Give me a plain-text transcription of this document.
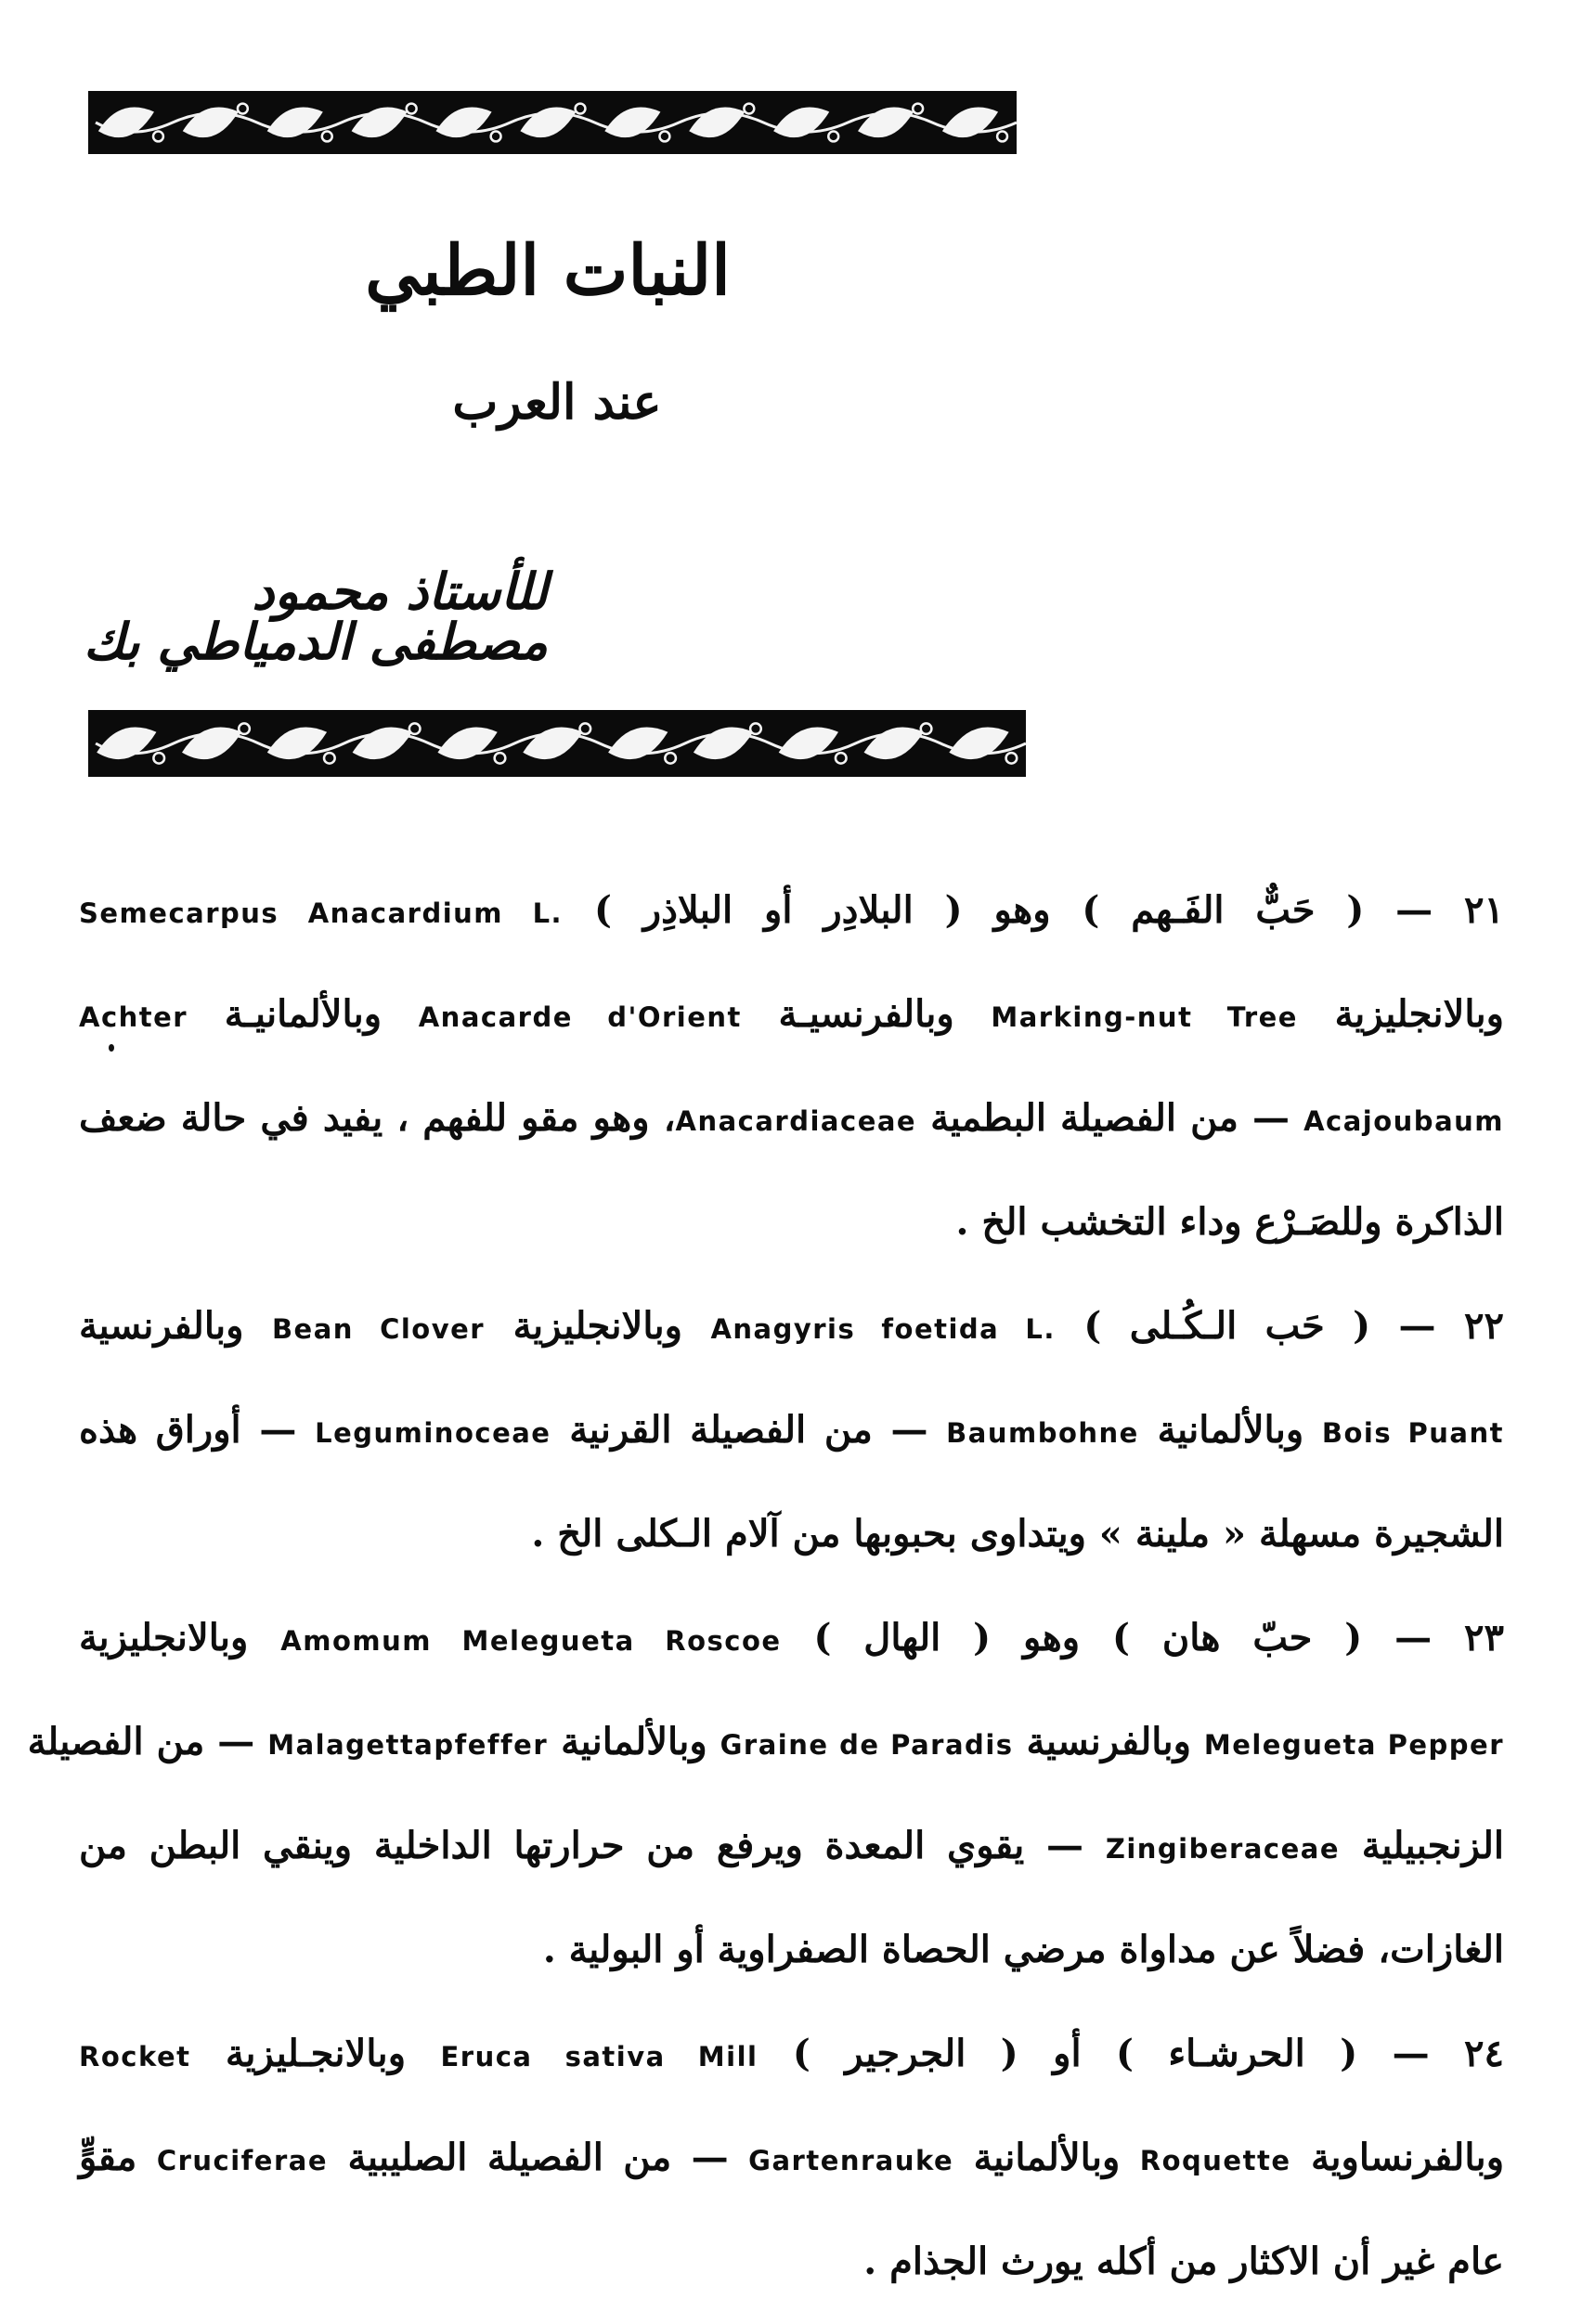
النبات الطبي
عند العرب
للأستاذ محمود مصطفى الدمياطي بك
٢١ — ( حَبٌّ الفَـهم ) وهو ( البلادِر أو البلاذِر ) Semecarpus Anacardium L.
وبالانجليزية Marking-nut Tree وبالفرنسيـة Anacarde d'Orient وبالألمانيـة Achter
Acajoubaum — من الفصيلة البطمية Anacardiaceae، وهو مقو للفهم ، يفيد في حالة ضعف
الذاكرة وللصَـرْع وداء التخشب الخ .
٢٢ — ( حَب الـكُـلى ) Anagyris foetida L. وبالانجليزية Bean Clover وبالفرنسية
Bois Puant وبالألمانية Baumbohne — من الفصيلة القرنية Leguminoceae — أوراق هذه
الشجيرة مسهلة « ملينة » ويتداوى بحبوبها من آلام الـكلى الخ .
٢٣ — ( حبّ هان ) وهو ( الهال ) Amomum Melegueta Roscoe وبالانجليزية
Melegueta Pepper وبالفرنسية Graine de Paradis وبالألمانية Malagettapfeffer — من الفصيلة
الزنجبيلية Zingiberaceae — يقوي المعدة ويرفع من حرارتها الداخلية وينقي البطن من
الغازات، فضلاً عن مداواة مرضي الحصاة الصفراوية أو البولية .
٢٤ — ( الحرشـاء ) أو ( الجرجير ) Eruca sativa Mill وبالانجـليزية Rocket
وبالفرنساوية Roquette وبالألمانية Gartenrauke — من الفصيلة الصليبية Cruciferae مقوٍّ
عام غير أن الاكثار من أكله يورث الجذام .
